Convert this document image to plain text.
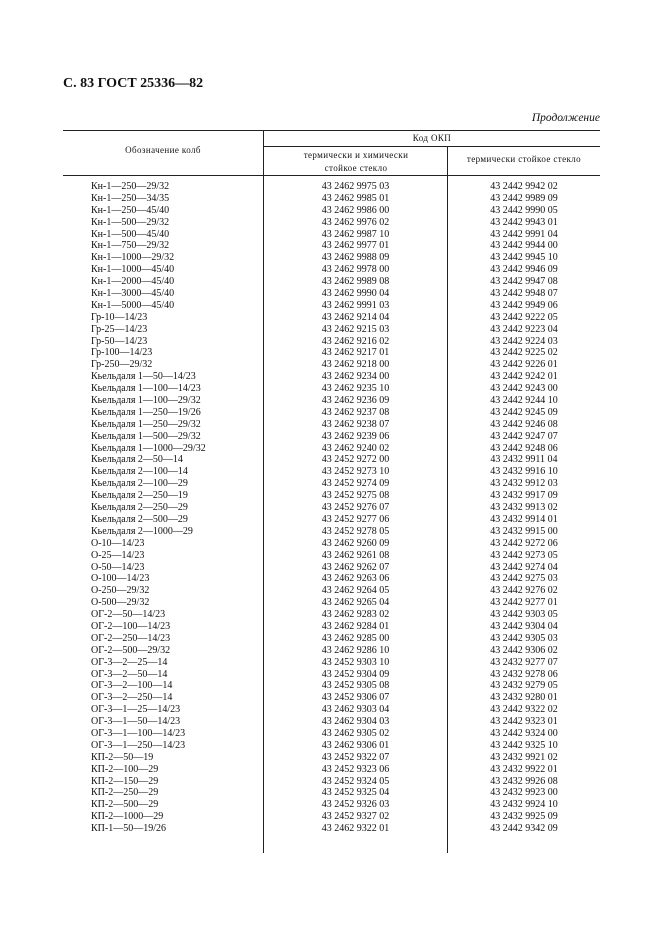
С. 83 ГОСТ 25336—82
Продолжение
Обозначение колб
Код ОКП
термически и химически стойкое стекло
термически стойкое стекло
Кн-1—250—29/32	43 2462 9975 03	43 2442 9942 02
Кн-1—250—34/35	43 2462 9985 01	43 2442 9989 09
Кн-1—250—45/40	43 2462 9986 00	43 2442 9990 05
Кн-1—500—29/32	43 2462 9976 02	43 2442 9943 01
Кн-1—500—45/40	43 2462 9987 10	43 2442 9991 04
Кн-1—750—29/32	43 2462 9977 01	43 2442 9944 00
Кн-1—1000—29/32	43 2462 9988 09	43 2442 9945 10
Кн-1—1000—45/40	43 2462 9978 00	43 2442 9946 09
Кн-1—2000—45/40	43 2462 9989 08	43 2442 9947 08
Кн-1—3000—45/40	43 2462 9990 04	43 2442 9948 07
Кн-1—5000—45/40	43 2462 9991 03	43 2442 9949 06
Гр-10—14/23	43 2462 9214 04	43 2442 9222 05
Гр-25—14/23	43 2462 9215 03	43 2442 9223 04
Гр-50—14/23	43 2462 9216 02	43 2442 9224 03
Гр-100—14/23	43 2462 9217 01	43 2442 9225 02
Гр-250—29/32	43 2462 9218 00	43 2442 9226 01
Кьельдаля 1—50—14/23	43 2462 9234 00	43 2442 9242 01
Кьельдаля 1—100—14/23	43 2462 9235 10	43 2442 9243 00
Кьельдаля 1—100—29/32	43 2462 9236 09	43 2442 9244 10
Кьельдаля 1—250—19/26	43 2462 9237 08	43 2442 9245 09
Кьельдаля 1—250—29/32	43 2462 9238 07	43 2442 9246 08
Кьельдаля 1—500—29/32	43 2462 9239 06	43 2442 9247 07
Кьельдаля 1—1000—29/32	43 2462 9240 02	43 2442 9248 06
Кьельдаля 2—50—14	43 2452 9272 00	43 2432 9911 04
Кьельдаля 2—100—14	43 2452 9273 10	43 2432 9916 10
Кьельдаля 2—100—29	43 2452 9274 09	43 2432 9912 03
Кьельдаля 2—250—19	43 2452 9275 08	43 2432 9917 09
Кьельдаля 2—250—29	43 2452 9276 07	43 2432 9913 02
Кьельдаля 2—500—29	43 2452 9277 06	43 2432 9914 01
Кьельдаля 2—1000—29	43 2452 9278 05	43 2432 9915 00
О-10—14/23	43 2462 9260 09	43 2442 9272 06
О-25—14/23	43 2462 9261 08	43 2442 9273 05
О-50—14/23	43 2462 9262 07	43 2442 9274 04
О-100—14/23	43 2462 9263 06	43 2442 9275 03
О-250—29/32	43 2462 9264 05	43 2442 9276 02
О-500—29/32	43 2462 9265 04	43 2442 9277 01
ОГ-2—50—14/23	43 2462 9283 02	43 2442 9303 05
ОГ-2—100—14/23	43 2462 9284 01	43 2442 9304 04
ОГ-2—250—14/23	43 2462 9285 00	43 2442 9305 03
ОГ-2—500—29/32	43 2462 9286 10	43 2442 9306 02
ОГ-3—2—25—14	43 2452 9303 10	43 2432 9277 07
ОГ-3—2—50—14	43 2452 9304 09	43 2432 9278 06
ОГ-3—2—100—14	43 2452 9305 08	43 2432 9279 05
ОГ-3—2—250—14	43 2452 9306 07	43 2432 9280 01
ОГ-3—1—25—14/23	43 2462 9303 04	43 2442 9322 02
ОГ-3—1—50—14/23	43 2462 9304 03	43 2442 9323 01
ОГ-3—1—100—14/23	43 2462 9305 02	43 2442 9324 00
ОГ-3—1—250—14/23	43 2462 9306 01	43 2442 9325 10
КП-2—50—19	43 2452 9322 07	43 2432 9921 02
КП-2—100—29	43 2452 9323 06	43 2432 9922 01
КП-2—150—29	43 2452 9324 05	43 2432 9926 08
КП-2—250—29	43 2452 9325 04	43 2432 9923 00
КП-2—500—29	43 2452 9326 03	43 2432 9924 10
КП-2—1000—29	43 2452 9327 02	43 2432 9925 09
КП-1—50—19/26	43 2462 9322 01	43 2442 9342 09
